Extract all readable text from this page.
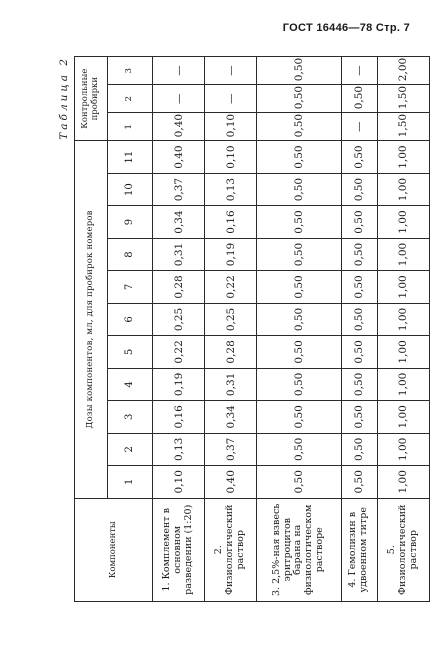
ГОСТ 16446—78 Стр. 7
Таблица 2
Компоненты	Дозы компонентов, мл, для пробирок номеров											Контрольные пробирки		
	1	2	3	4	5	6	7	8	9	10	11			
												1	2	3
1. Комплемент в основном разведении (1:20)	0,10	0,13	0,16	0,19	0,22	0,25	0,28	0,31	0,34	0,37	0,40	0,40	—	—
2. Физиологический раствор	0,40	0,37	0,34	0,31	0,28	0,25	0,22	0,19	0,16	0,13	0,10	0,10	—	—
3. 2,5%-ная взвесь эритроцитов барана на физиологическом растворе	0,50	0,50	0,50	0,50	0,50	0,50	0,50	0,50	0,50	0,50	0,50	0,50	0,50	0,50
4. Гемолизин в удвоенном титре	0,50	0,50	0,50	0,50	0,50	0,50	0,50	0,50	0,50	0,50	0,50	—	0,50	—
5. Физиологический раствор	1,00	1,00	1,00	1,00	1,00	1,00	1,00	1,00	1,00	1,00	1,00	1,50	1,50	2,00
